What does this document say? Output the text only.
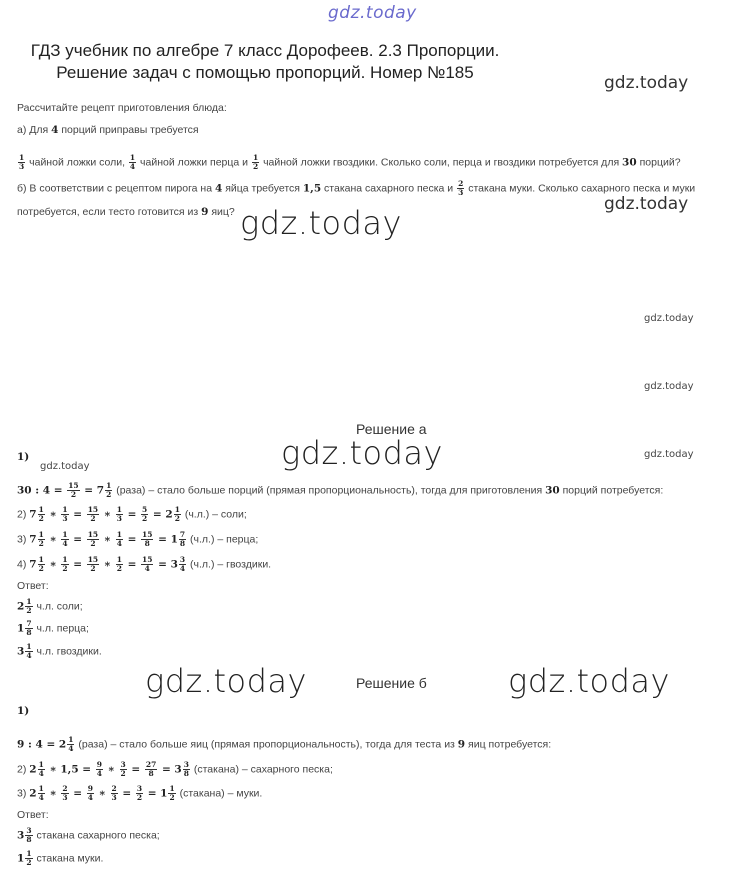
gdz.today
gdz.today
gdz.today
gdz.today
gdz.today
gdz.today
gdz.today	gdz.today
gdz.today
gdz.today	gdz.today
ГДЗ учебник по алгебре 7 класс Дорофеев. 2.3 Пропорции.
Решение задач с помощью пропорций. Номер №185
Рассчитайте рецепт приготовления блюда:
а) Для 4 порций приправы требуется
$\frac{1}{3}$ чайной ложки соли, $\frac{1}{4}$ чайной ложки перца и $\frac{1}{2}$ чайной ложки гвоздики. Сколько соли, перца и гвоздики потребуется для 30 порций?
б) В соответствии с рецептом пирога на 4 яйца требуется 1,5 стакана сахарного песка и $\frac{2}{3}$ стакана муки. Сколько сахарного песка и муки
потребуется, если тесто готовится из 9 яиц?
Решение а
1)
30 : $4 = \frac{15}{2} = 7 \frac{1}{2}$ (раза) – стало больше порций (прямая пропорциональность), тогда для приготовления 30 порций потребуется:
2) $7 \frac{1}{2}$ ∗ $\frac{1}{3} = \frac{15}{2}$ ∗ $\frac{1}{3} = \frac{5}{2} = 2 \frac{1}{2} (ч.л.)$ – соли;
3) $7 \frac{1}{2}$ ∗ $\frac{1}{4} = \frac{15}{2}$ ∗ $\frac{1}{4} = \frac{15}{8} = 1 \frac{7}{8} (ч.л.)$ – перца;
4) $7 \frac{1}{2}$ ∗ $\frac{1}{2} = \frac{15}{2}$ ∗ $\frac{1}{2} = \frac{15}{4} = 3 \frac{3}{4} (ч.л.)$ – гвоздики.
Ответ:
$2 \frac{1}{2} ч.л$. соли;
$1 \frac{7}{8} ч.л$. перца;
$3 \frac{1}{4} ч.л$. гвоздики.
Решение б
1)
9 : $4 = 2 \frac{1}{4}$ (раза) – стало больше яиц (прямая пропорциональность), тогда для теста из 9 яиц потребуется:
2) $2 \frac{1}{4}$ ∗ $1,5 = \frac{9}{4}$ ∗ $\frac{3}{2} = \frac{27}{8} = 3 \frac{3}{8}$ (стакана) – сахарного песка;
3) $2 \frac{1}{4}$ ∗ $\frac{2}{3} = \frac{9}{4}$ ∗ $\frac{2}{3} = \frac{3}{2} = 1 \frac{1}{2}$ (стакана) – муки.
Ответ:
$3 \frac{3}{8}$ стакана сахарного песка;
$1 \frac{1}{2}$ стакана муки.
